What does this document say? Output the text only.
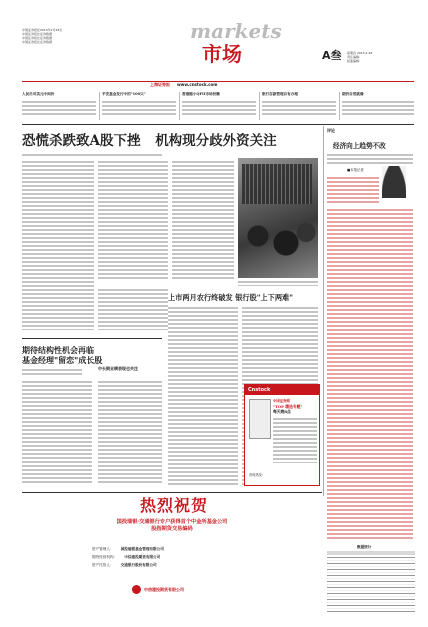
中国证券报社2013年2月28日
中国证券报社证券数据
中国证券报社证券数据
中国证券报社证券数据	markets
市场	A叁	星期四 2013.2.28
责任编辑：
版面编辑：
上海证券报 www.cnstock.com
人民币对美元中间价	平安基金发行中的"100只"	香港缩小QFII市场份额	银行存款管理自有办理	期价自然就像
恐慌杀跌致A股下挫 机构现分歧外资关注
上市两月农行终破发 银行股"上下两难"
期待结构性机会再临
基金经理"留恋"成长股
中长期业绩表现也关注
评论
经济向上趋势不改
■本报记者
Cnstock
中国证券网
"TOP 精选专题"
每天晚8点
咨询热线：
热烈祝贺
国投瑞银·交通银行专户获得首个中金所基金公司
股指期货交易编码
资产管理人： 国投瑞银基金管理有限公司
期货经营机构： 中信建投期货有限公司
资产托管人： 交通银行股份有限公司
中信建投期货有限公司
数据统计
